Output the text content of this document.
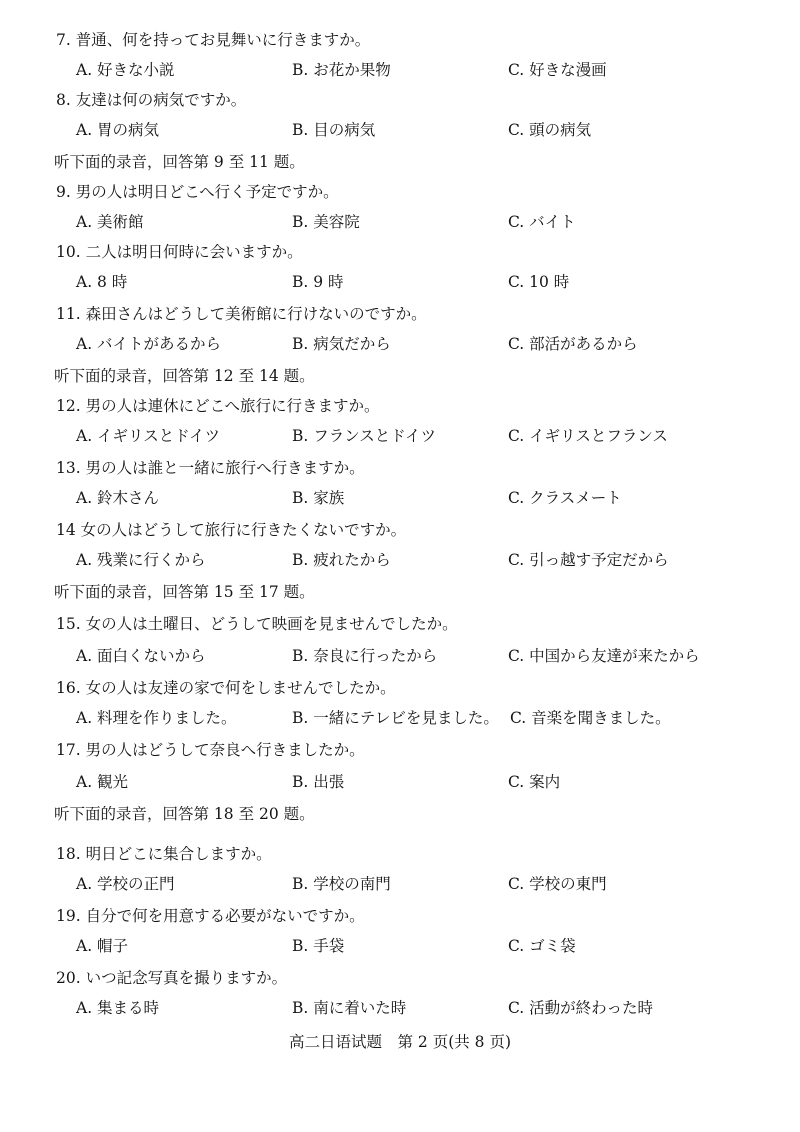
7. 普通、何を持ってお見舞いに行きますか。
A. 好きな小説	B. お花か果物	C. 好きな漫画
8. 友達は何の病気ですか。
A. 胃の病気	B. 目の病気	C. 頭の病気
听下面的录音，回答第 9 至 11 题。
9. 男の人は明日どこへ行く予定ですか。
A. 美術館	B. 美容院	C. バイト
10. 二人は明日何時に会いますか。
A. 8 時	B. 9 時	C. 10 時
11. 森田さんはどうして美術館に行けないのですか。
A. バイトがあるから	B. 病気だから	C. 部活があるから
听下面的录音，回答第 12 至 14 题。
12. 男の人は連休にどこへ旅行に行きますか。
A. イギリスとドイツ	B. フランスとドイツ	C. イギリスとフランス
13. 男の人は誰と一緒に旅行へ行きますか。
A. 鈴木さん	B. 家族	C. クラスメート
14 女の人はどうして旅行に行きたくないですか。
A. 残業に行くから	B. 疲れたから	C. 引っ越す予定だから
听下面的录音，回答第 15 至 17 题。
15. 女の人は土曜日、どうして映画を見ませんでしたか。
A. 面白くないから	B. 奈良に行ったから	C. 中国から友達が来たから
16. 女の人は友達の家で何をしませんでしたか。
A. 料理を作りました。	B. 一緒にテレビを見ました。 C. 音楽を聞きました。
17. 男の人はどうして奈良へ行きましたか。
A. 観光	B. 出張	C. 案内
听下面的录音，回答第 18 至 20 题。
18. 明日どこに集合しますか。
A. 学校の正門	B. 学校の南門	C. 学校の東門
19. 自分で何を用意する必要がないですか。
A. 帽子	B. 手袋	C. ゴミ袋
20. いつ記念写真を撮りますか。
A. 集まる時	B. 南に着いた時	C. 活動が終わった時
高二日语试题　第 2 页(共 8 页)
